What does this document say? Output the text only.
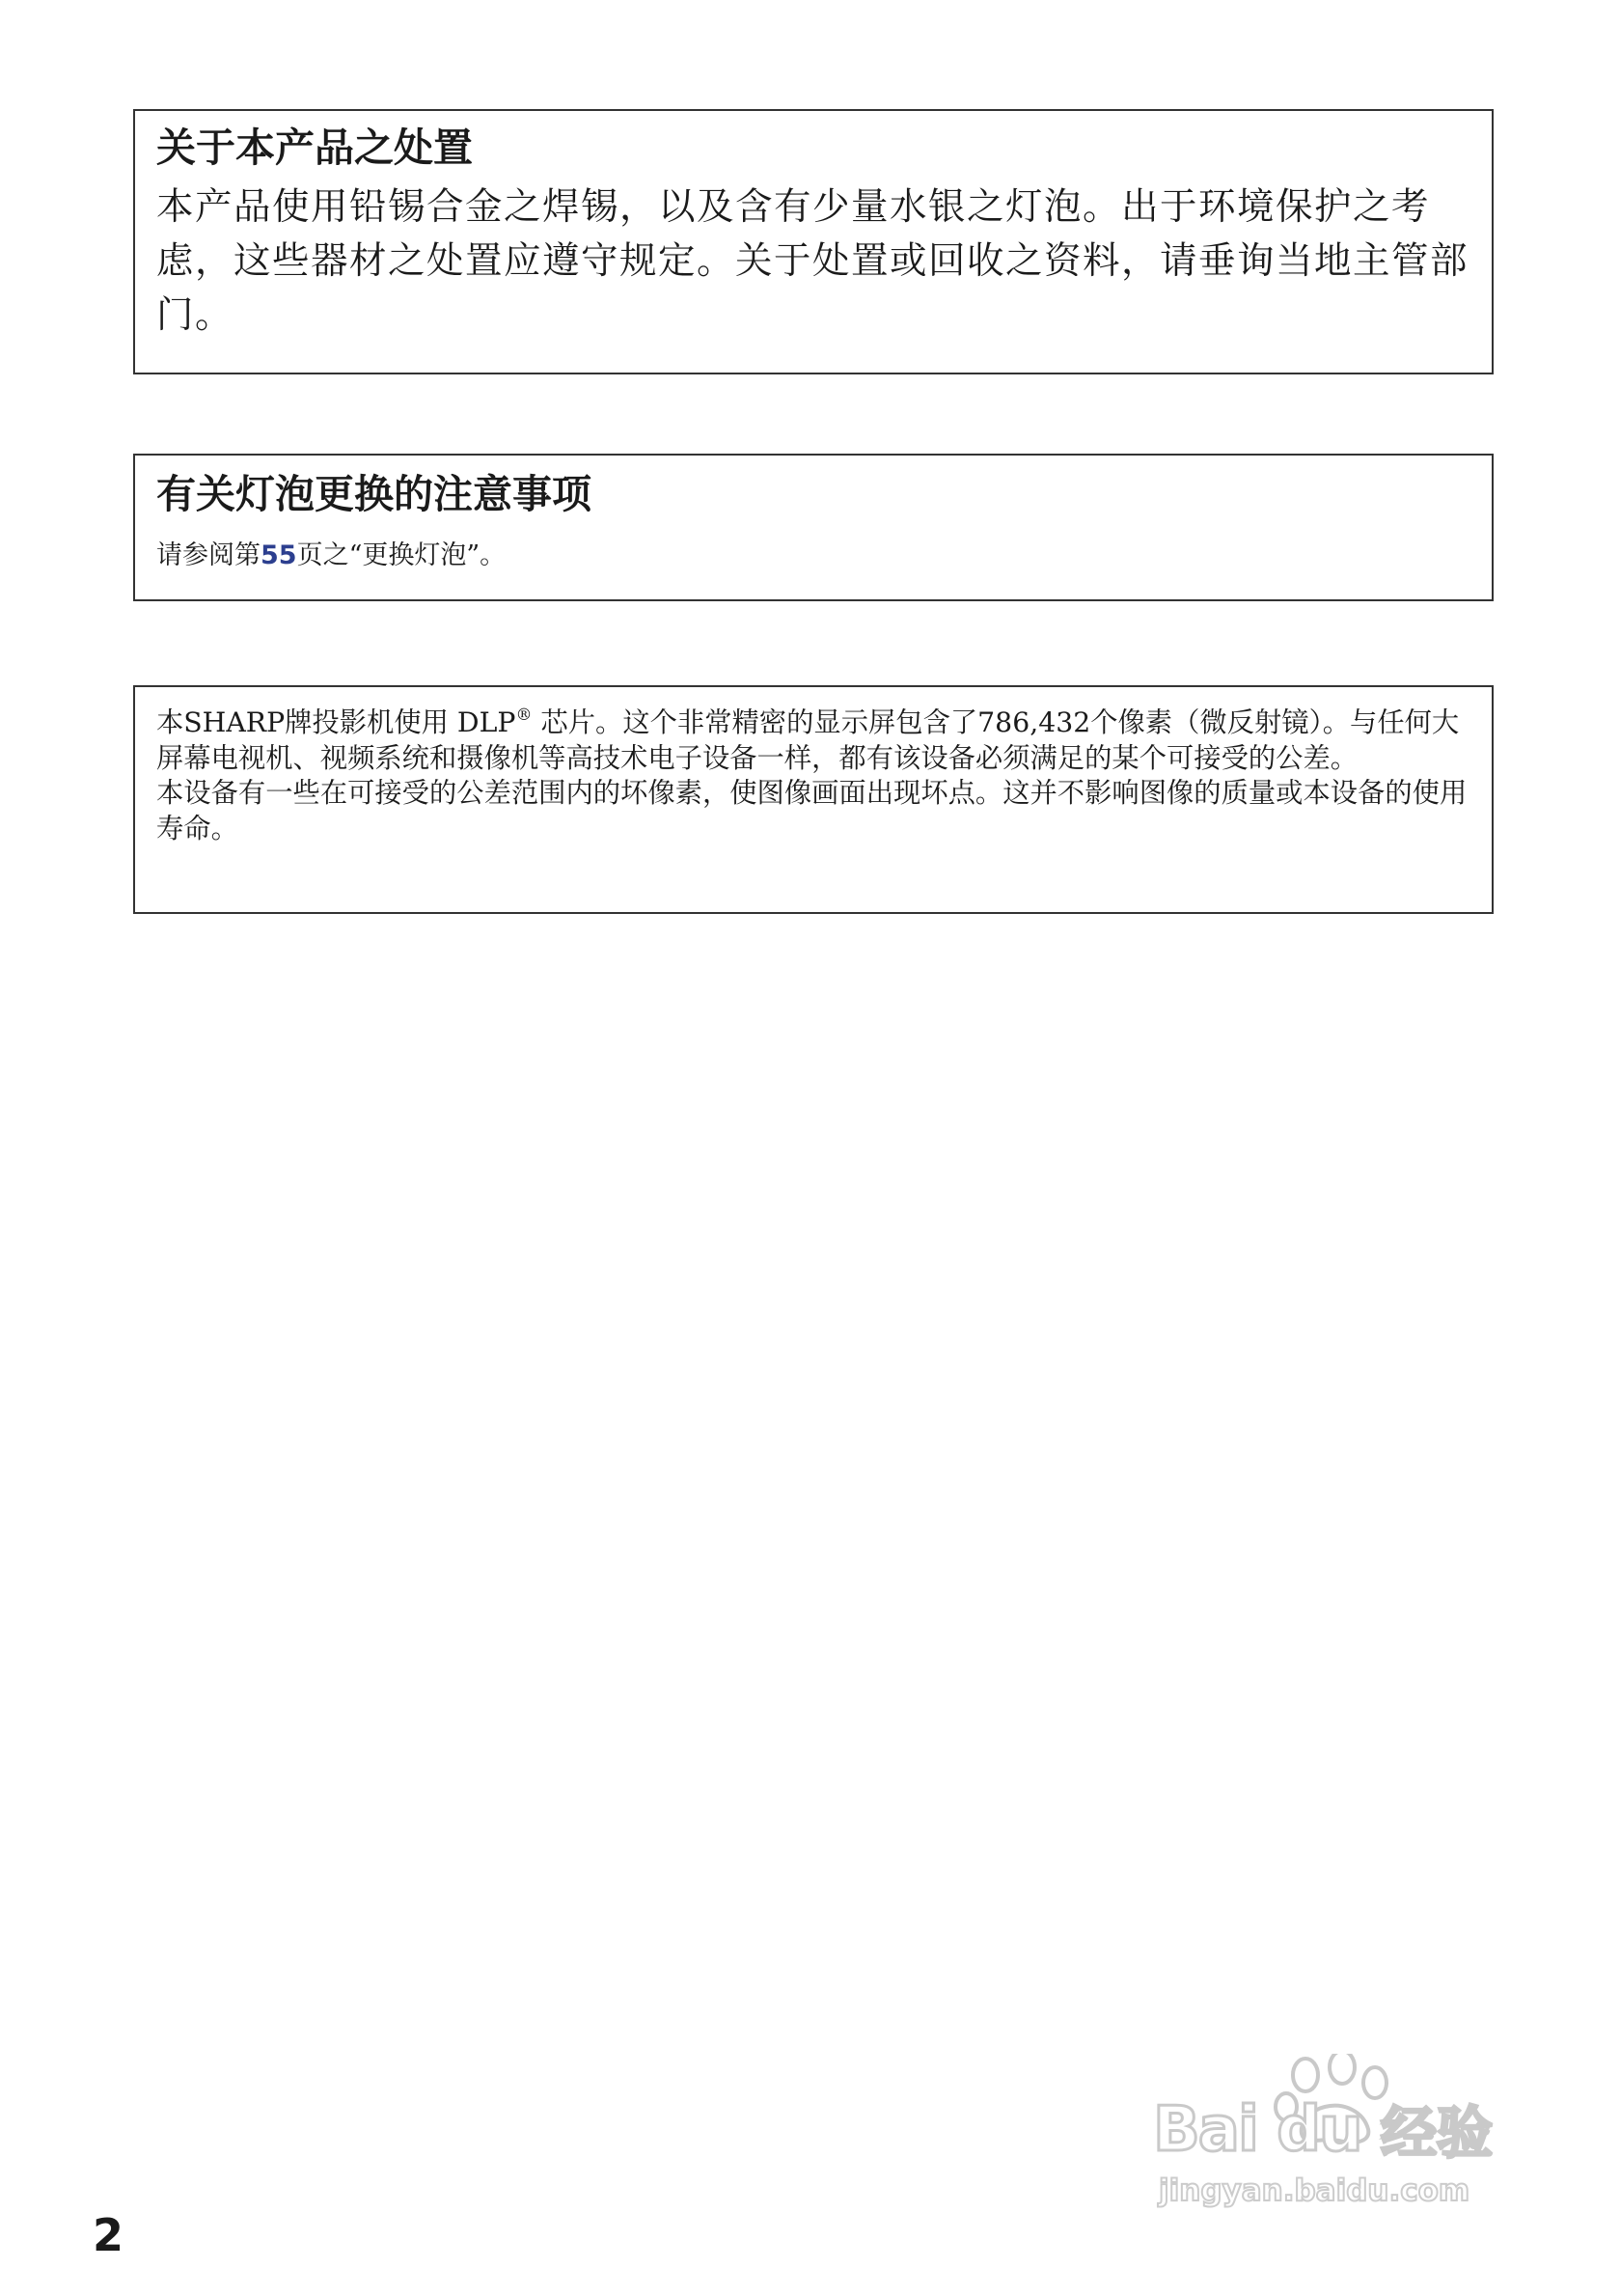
关于本产品之处置
本产品使用铅锡合金之焊锡，以及含有少量水银之灯泡。出于环境保护之考虑，这些器材之处置应遵守规定。关于处置或回收之资料，请垂询当地主管部门。
有关灯泡更换的注意事项
请参阅第55页之“更换灯泡”。

本SHARP牌投影机使用 DLP® 芯片。这个非常精密的显示屏包含了786,432个像素（微反射镜）。与任何大屏幕电视机、视频系统和摄像机等高技术电子设备一样，都有该设备必须满足的某个可接受的公差。

本设备有一些在可接受的公差范围内的坏像素，使图像画面出现坏点。这并不影响图像的质量或本设备的使用寿命。

2
Bai du 经验
jingyan.baidu.com
